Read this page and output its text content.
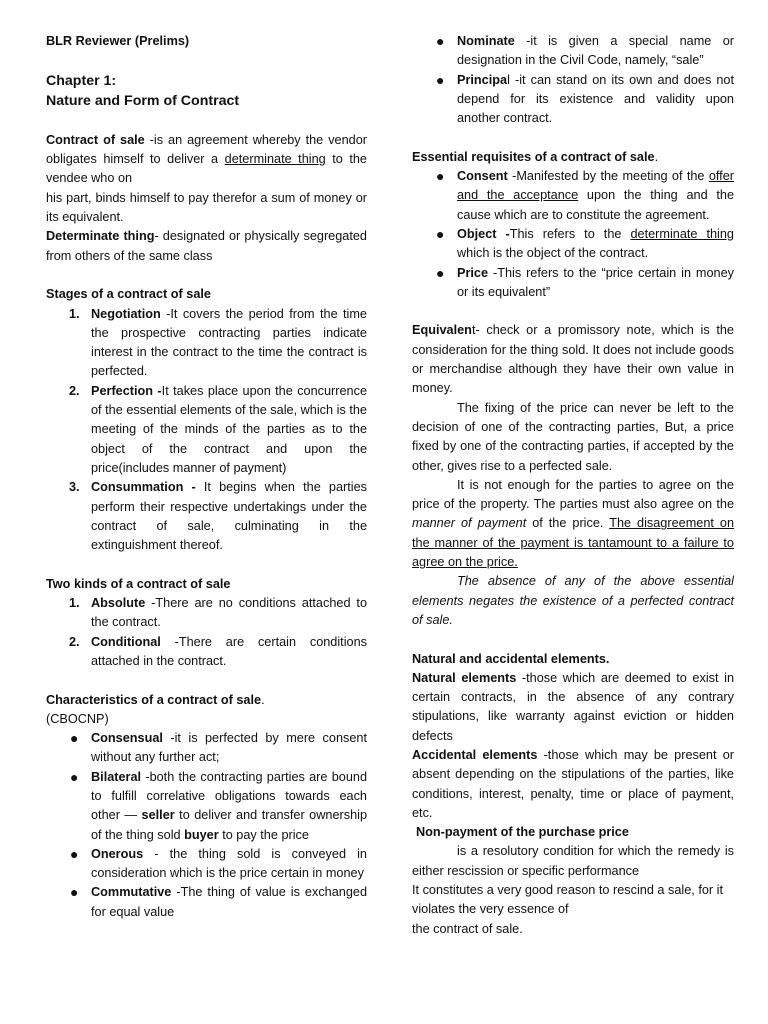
BLR Reviewer (Prelims)

Chapter 1:

Nature and Form of Contract

Contract of sale -is an agreement whereby the vendor obligates himself to deliver a determinate thing to the vendee who on

his part, binds himself to pay therefor a sum of money or its equivalent.

Determinate thing- designated or physically segregated from others of the same class

Stages of a contract of sale

1. Negotiation -It covers the period from the time the prospective contracting parties indicate interest in the contract to the time the contract is perfected.
2. Perfection -It takes place upon the concurrence of the essential elements of the sale, which is the meeting of the minds of the parties as to the object of the contract and upon the price(includes manner of payment)
3. Consummation - It begins when the parties perform their respective undertakings under the contract of sale, culminating in the extinguishment thereof.

Two kinds of a contract of sale

1. Absolute -There are no conditions attached to the contract.
2. Conditional -There are certain conditions attached in the contract.

Characteristics of a contract of sale.

(CBOCNP)

● Consensual -it is perfected by mere consent without any further act;
● Bilateral -both the contracting parties are bound to fulfill correlative obligations towards each other — seller to deliver and transfer ownership of the thing sold buyer to pay the price
● Onerous - the thing sold is conveyed in consideration which is the price certain in money
● Commutative -The thing of value is exchanged for equal value
● Nominate -it is given a special name or designation in the Civil Code, namely, “sale”
● Principal -it can stand on its own and does not depend for its existence and validity upon another contract.

Essential requisites of a contract of sale.

● Consent -Manifested by the meeting of the offer and the acceptance upon the thing and the cause which are to constitute the agreement.
● Object -This refers to the determinate thing which is the object of the contract.
● Price -This refers to the “price certain in money or its equivalent”

Equivalent- check or a promissory note, which is the consideration for the thing sold. It does not include goods or merchandise although they have their own value in money.

The fixing of the price can never be left to the decision of one of the contracting parties, But, a price fixed by one of the contracting parties, if accepted by the other, gives rise to a perfected sale.

It is not enough for the parties to agree on the price of the property. The parties must also agree on the manner of payment of the price. The disagreement on the manner of the payment is tantamount to a failure to agree on the price.

The absence of any of the above essential elements negates the existence of a perfected contract of sale.

Natural and accidental elements.

Natural elements -those which are deemed to exist in certain contracts, in the absence of any contrary stipulations, like warranty against eviction or hidden defects

Accidental elements -those which may be present or absent depending on the stipulations of the parties, like conditions, interest, penalty, time or place of payment, etc.

Non-payment of the purchase price

is a resolutory condition for which the remedy is either rescission or specific performance

It constitutes a very good reason to rescind a sale, for it violates the very essence of

the contract of sale.
